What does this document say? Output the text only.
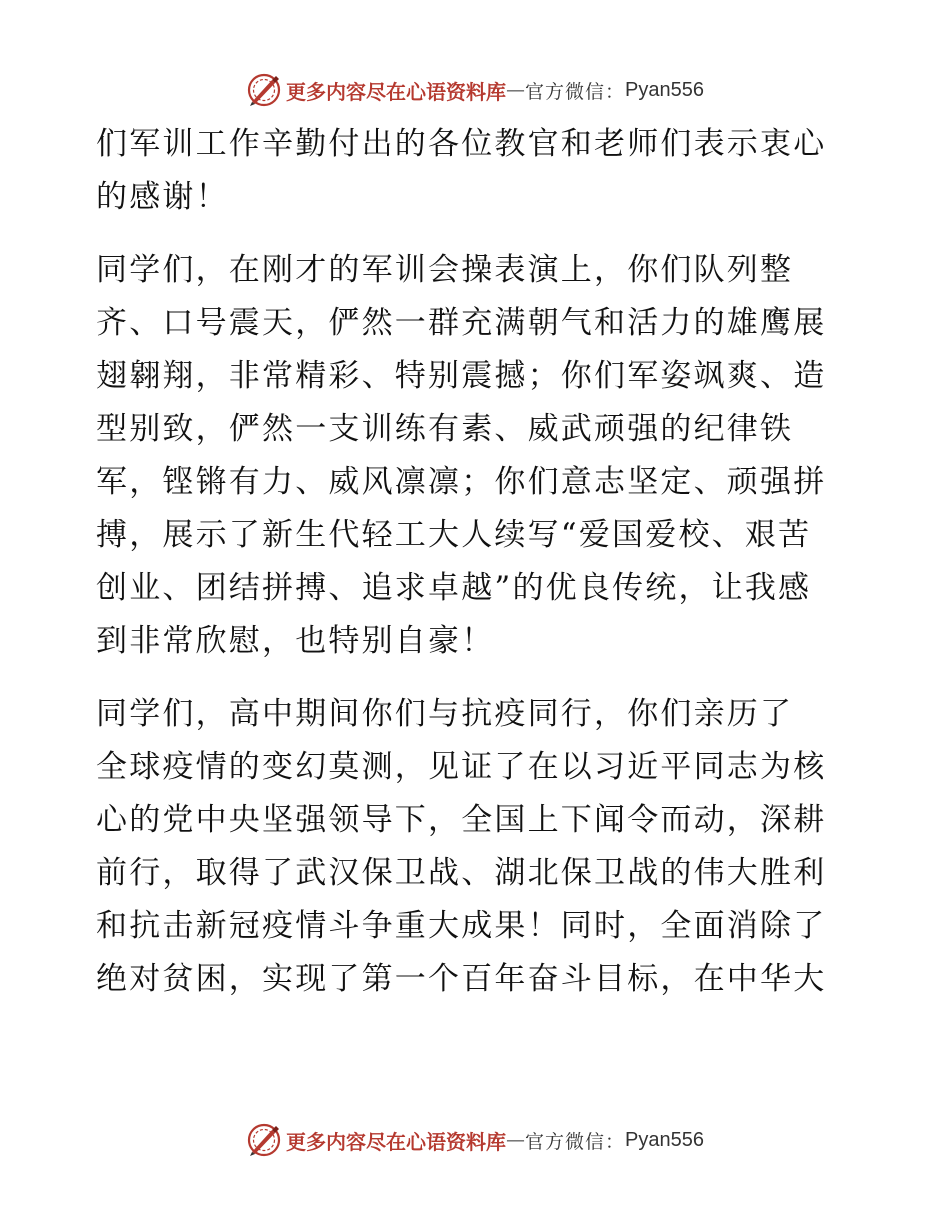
更多内容尽在心语资料库 — 官方微信： Pyan556
们军训工作辛勤付出的各位教官和老师们表示衷心
的感谢！
同学们，在刚才的军训会操表演上，你们队列整
齐、口号震天，俨然一群充满朝气和活力的雄鹰展
翅翱翔，非常精彩、特别震撼；你们军姿飒爽、造
型别致，俨然一支训练有素、威武顽强的纪律铁
军，铿锵有力、威风凛凛；你们意志坚定、顽强拼
搏，展示了新生代轻工大人续写“爱国爱校、艰苦
创业、团结拼搏、追求卓越”的优良传统，让我感
到非常欣慰，也特别自豪！
同学们，高中期间你们与抗疫同行，你们亲历了
全球疫情的变幻莫测，见证了在以习近平同志为核
心的党中央坚强领导下，全国上下闻令而动，深耕
前行，取得了武汉保卫战、湖北保卫战的伟大胜利
和抗击新冠疫情斗争重大成果！同时，全面消除了
绝对贫困，实现了第一个百年奋斗目标，在中华大
更多内容尽在心语资料库 — 官方微信： Pyan556
